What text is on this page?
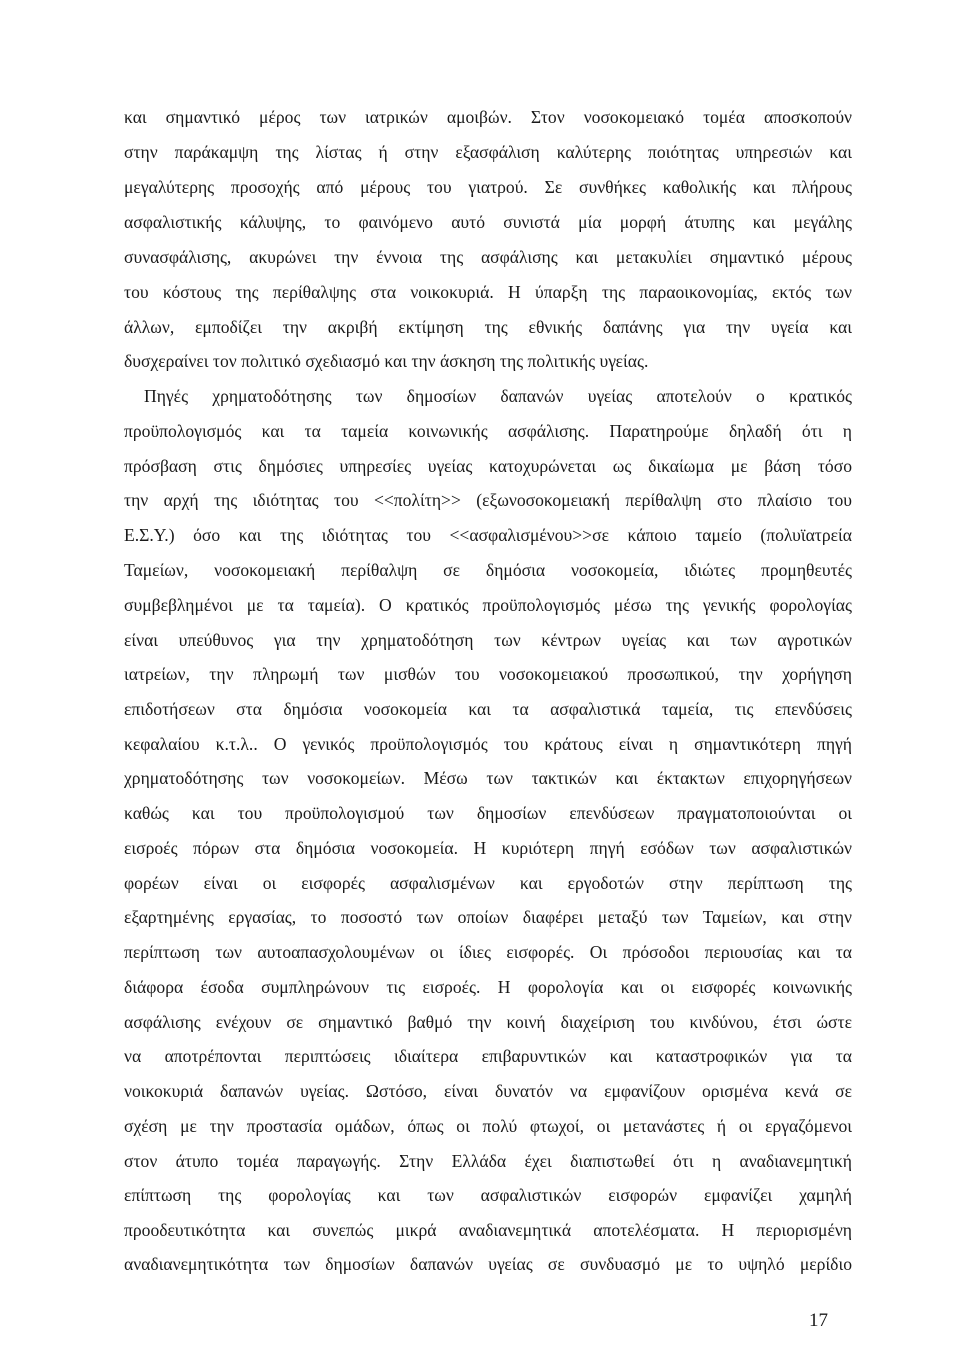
και σημαντικό μέρος των ιατρικών αμοιβών. Στον νοσοκομειακό τομέα αποσκοπούν
στην παράκαμψη της λίστας ή στην εξασφάλιση καλύτερης ποιότητας υπηρεσιών και
μεγαλύτερης προσοχής από μέρους του γιατρού. Σε συνθήκες καθολικής και πλήρους
ασφαλιστικής κάλυψης, το φαινόμενο αυτό συνιστά μία μορφή άτυπης και μεγάλης
συνασφάλισης, ακυρώνει την έννοια της ασφάλισης και μετακυλίει σημαντικό μέρους
του κόστους της περίθαλψης στα νοικοκυριά. Η ύπαρξη της παραοικονομίας, εκτός των
άλλων, εμποδίζει την ακριβή εκτίμηση της εθνικής δαπάνης για την υγεία και
δυσχεραίνει τον πολιτικό σχεδιασμό και την άσκηση της πολιτικής υγείας.
Πηγές χρηματοδότησης των δημοσίων δαπανών υγείας αποτελούν ο κρατικός
προϋπολογισμός και τα ταμεία κοινωνικής ασφάλισης. Παρατηρούμε δηλαδή ότι η
πρόσβαση στις δημόσιες υπηρεσίες υγείας κατοχυρώνεται ως δικαίωμα με βάση τόσο
την αρχή της ιδιότητας του <<πολίτη>> (εξωνοσοκομειακή περίθαλψη στο πλαίσιο του
Ε.Σ.Υ.) όσο και της ιδιότητας του <<ασφαλισμένου>>σε κάποιο ταμείο (πολυϊατρεία
Ταμείων, νοσοκομειακή περίθαλψη σε δημόσια νοσοκομεία, ιδιώτες προμηθευτές
συμβεβλημένοι με τα ταμεία). Ο κρατικός προϋπολογισμός μέσω της γενικής φορολογίας
είναι υπεύθυνος για την χρηματοδότηση των κέντρων υγείας και των αγροτικών
ιατρείων, την πληρωμή των μισθών του νοσοκομειακού προσωπικού, την χορήγηση
επιδοτήσεων στα δημόσια νοσοκομεία και τα ασφαλιστικά ταμεία, τις επενδύσεις
κεφαλαίου κ.τ.λ.. Ο γενικός προϋπολογισμός του κράτους είναι η σημαντικότερη πηγή
χρηματοδότησης των νοσοκομείων. Μέσω των τακτικών και έκτακτων επιχορηγήσεων
καθώς και του προϋπολογισμού των δημοσίων επενδύσεων πραγματοποιούνται οι
εισροές πόρων στα δημόσια νοσοκομεία. Η κυριότερη πηγή εσόδων των ασφαλιστικών
φορέων είναι οι εισφορές ασφαλισμένων και εργοδοτών στην περίπτωση της
εξαρτημένης εργασίας, το ποσοστό των οποίων διαφέρει μεταξύ των Ταμείων, και στην
περίπτωση των αυτοαπασχολουμένων οι ίδιες εισφορές. Οι πρόσοδοι περιουσίας και τα
διάφορα έσοδα συμπληρώνουν τις εισροές. Η φορολογία και οι εισφορές κοινωνικής
ασφάλισης ενέχουν σε σημαντικό βαθμό την κοινή διαχείριση του κινδύνου, έτσι ώστε
να αποτρέπονται περιπτώσεις ιδιαίτερα επιβαρυντικών και καταστροφικών για τα
νοικοκυριά δαπανών υγείας. Ωστόσο, είναι δυνατόν να εμφανίζουν ορισμένα κενά σε
σχέση με την προστασία ομάδων, όπως οι πολύ φτωχοί, οι μετανάστες ή οι εργαζόμενοι
στον άτυπο τομέα παραγωγής. Στην Ελλάδα έχει διαπιστωθεί ότι η αναδιανεμητική
επίπτωση της φορολογίας και των ασφαλιστικών εισφορών εμφανίζει χαμηλή
προοδευτικότητα και συνεπώς μικρά αναδιανεμητικά αποτελέσματα. Η περιορισμένη
αναδιανεμητικότητα των δημοσίων δαπανών υγείας σε συνδυασμό με το υψηλό μερίδιο
17
